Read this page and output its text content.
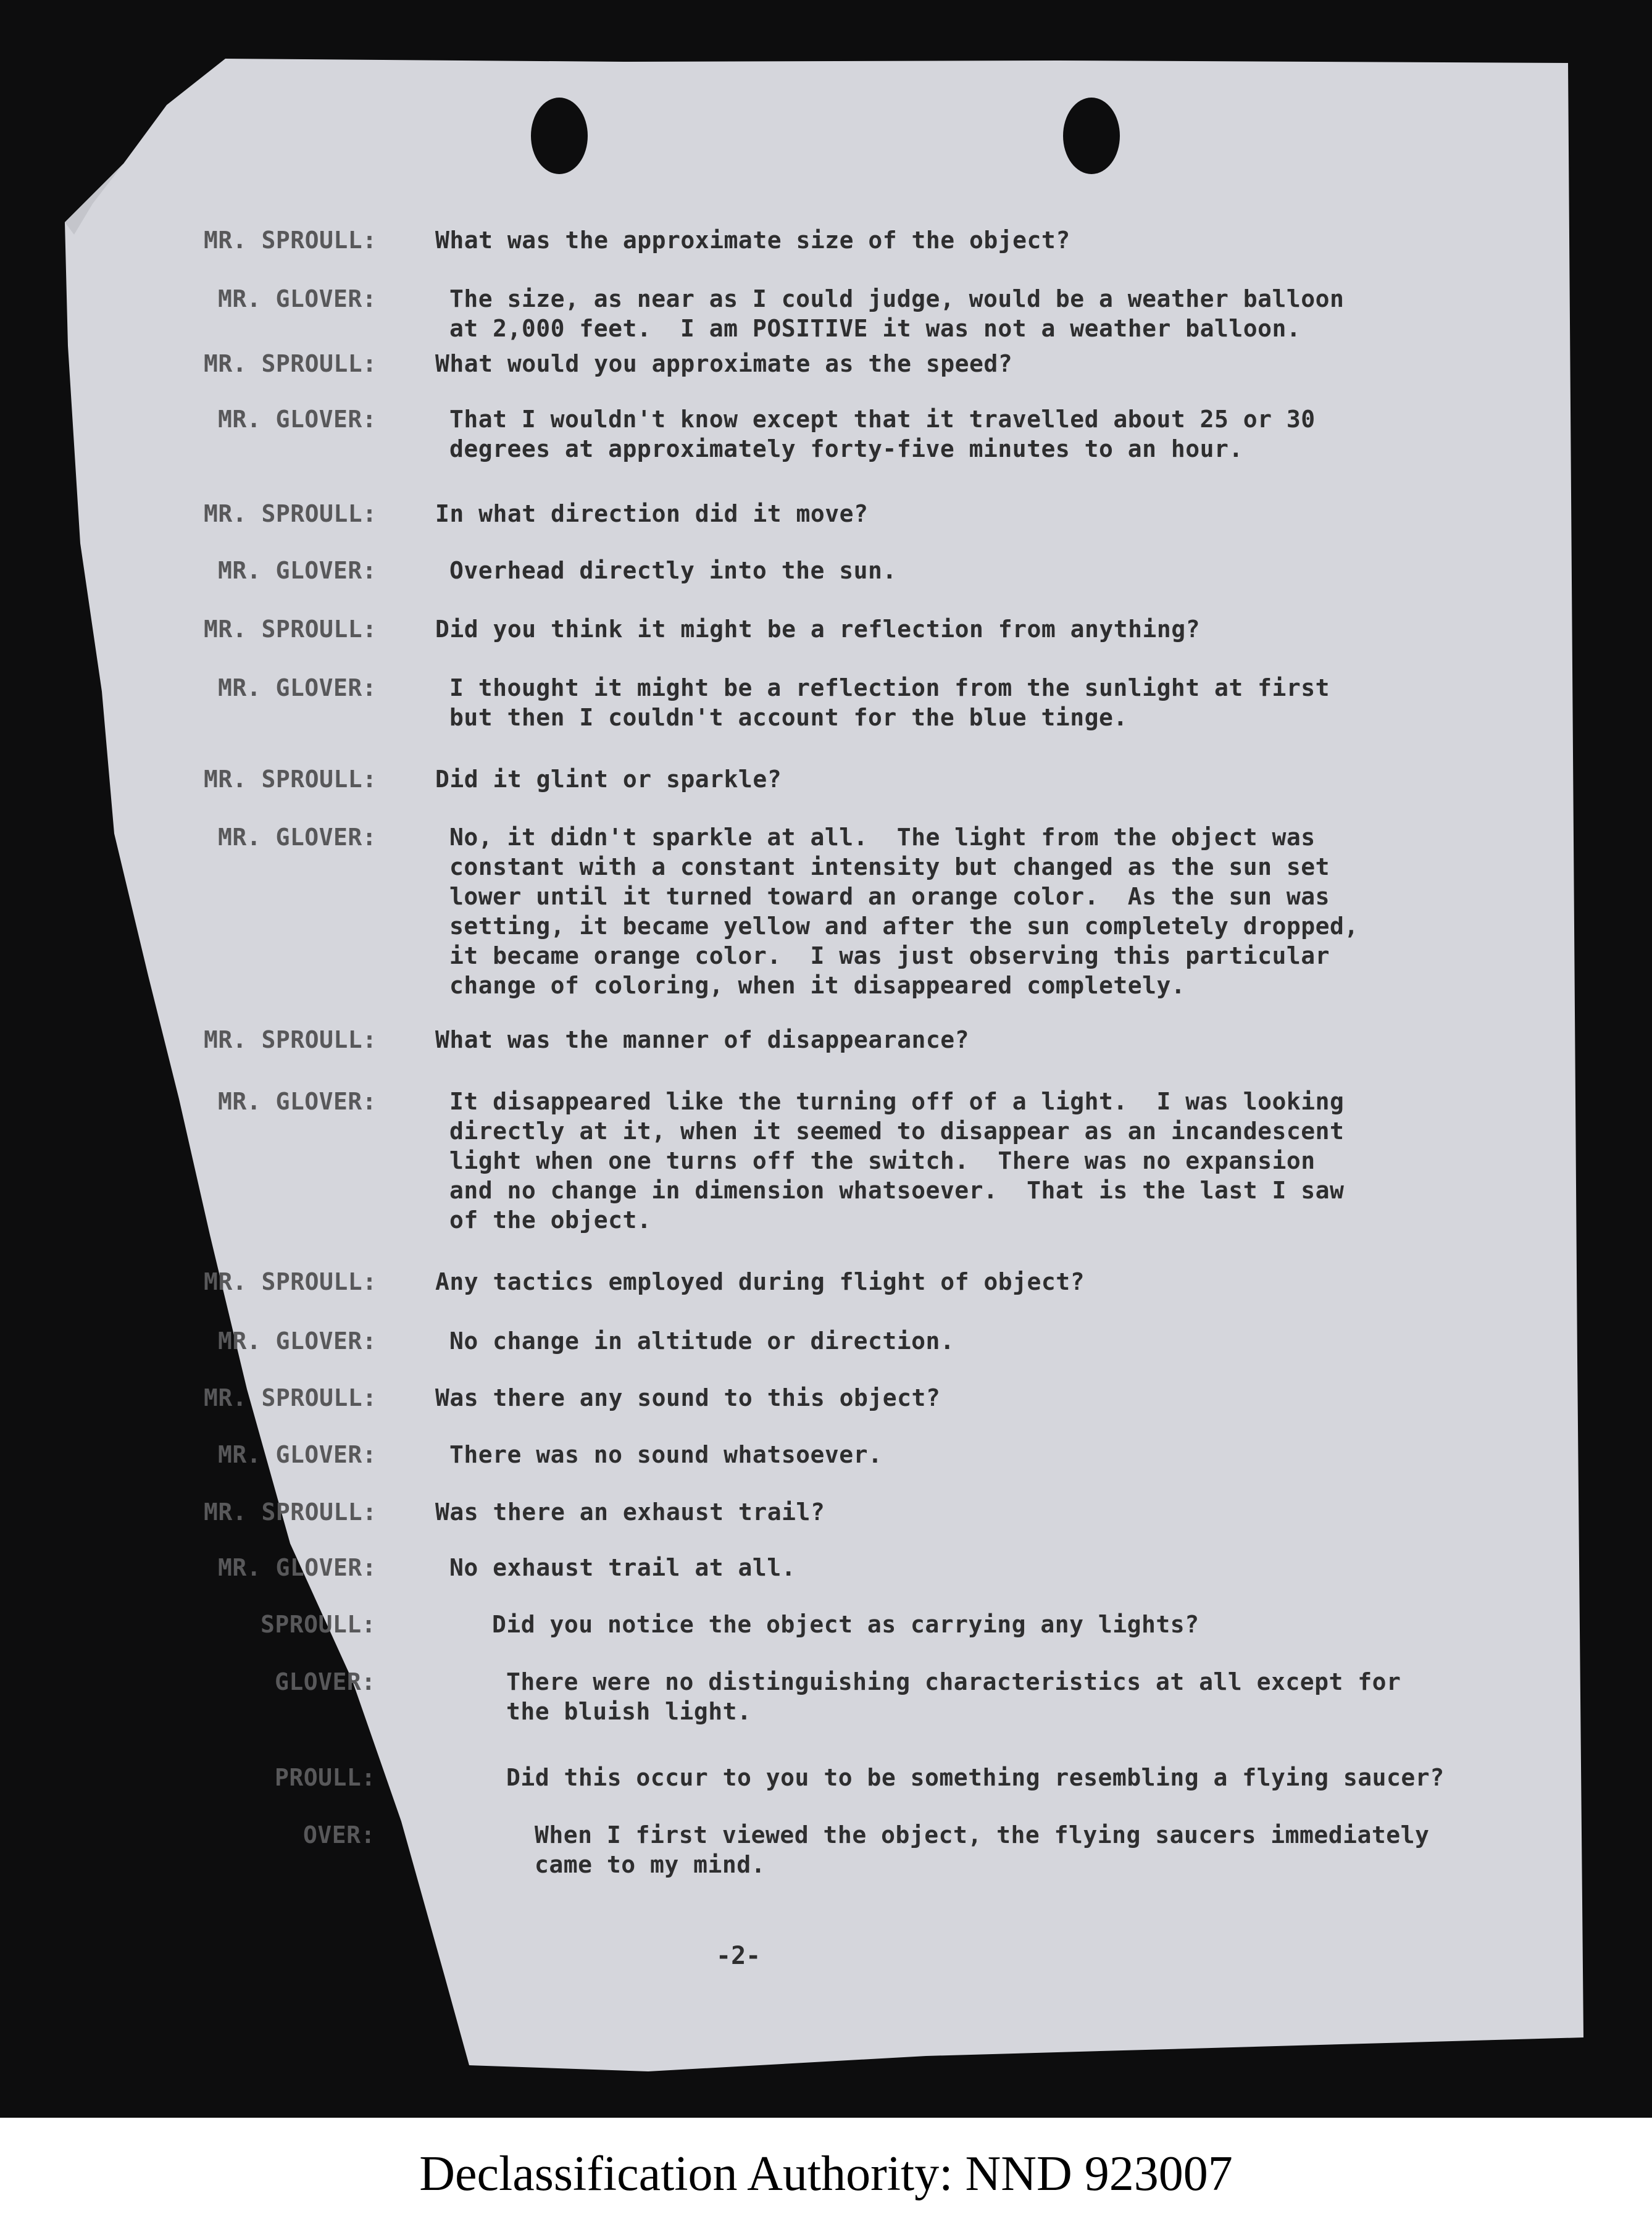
MR. SPROULL:	What was the approximate size of the object?
MR. GLOVER:	The size, as near as I could judge, would be a weather balloon
at 2,000 feet.  I am POSITIVE it was not a weather balloon.
MR. SPROULL:	What would you approximate as the speed?
MR. GLOVER:	That I wouldn't know except that it travelled about 25 or 30
degrees at approximately forty-five minutes to an hour.
MR. SPROULL:	In what direction did it move?
MR. GLOVER:	Overhead directly into the sun.
MR. SPROULL:	Did you think it might be a reflection from anything?
MR. GLOVER:	I thought it might be a reflection from the sunlight at first
but then I couldn't account for the blue tinge.
MR. SPROULL:	Did it glint or sparkle?
MR. GLOVER:	No, it didn't sparkle at all.  The light from the object was
constant with a constant intensity but changed as the sun set
lower until it turned toward an orange color.  As the sun was
setting, it became yellow and after the sun completely dropped,
it became orange color.  I was just observing this particular
change of coloring, when it disappeared completely.
MR. SPROULL:	What was the manner of disappearance?
MR. GLOVER:	It disappeared like the turning off of a light.  I was looking
directly at it, when it seemed to disappear as an incandescent
light when one turns off the switch.  There was no expansion
and no change in dimension whatsoever.  That is the last I saw
of the object.
MR. SPROULL:	Any tactics employed during flight of object?
MR. GLOVER:	No change in altitude or direction.
MR. SPROULL:	Was there any sound to this object?
MR. GLOVER:	There was no sound whatsoever.
MR. SPROULL:	Was there an exhaust trail?
MR. GLOVER:	No exhaust trail at all.
SPROULL:	Did you notice the object as carrying any lights?
GLOVER:	There were no distinguishing characteristics at all except for
the bluish light.
PROULL:	Did this occur to you to be something resembling a flying saucer?
OVER:	When I first viewed the object, the flying saucers immediately
came to my mind.
-2-
Declassification Authority: NND 923007
